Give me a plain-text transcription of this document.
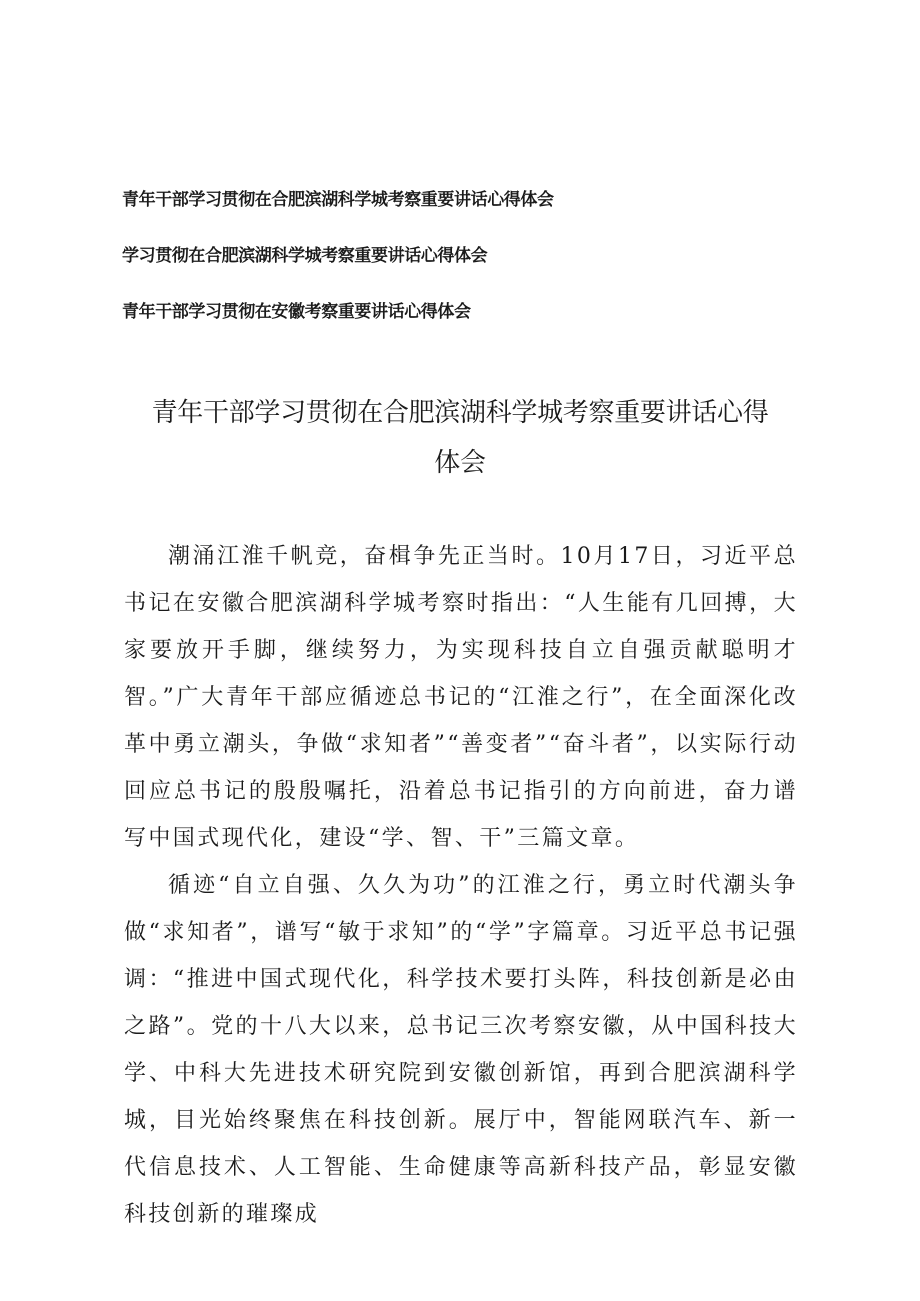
青年干部学习贯彻在合肥滨湖科学城考察重要讲话心得体会
学习贯彻在合肥滨湖科学城考察重要讲话心得体会
青年干部学习贯彻在安徽考察重要讲话心得体会
青年干部学习贯彻在合肥滨湖科学城考察重要讲话心得
体会

潮涌江淮千帆竞，奋楫争先正当时。10月17日，习近平总书记在安徽合肥滨湖科学城考察时指出：“人生能有几回搏，大家要放开手脚，继续努力，为实现科技自立自强贡献聪明才智。”广大青年干部应循迹总书记的“江淮之行”，在全面深化改革中勇立潮头，争做“求知者”“善变者”“奋斗者”，以实际行动回应总书记的殷殷嘱托，沿着总书记指引的方向前进，奋力谱写中国式现代化，建设“学、智、干”三篇文章。

循迹“自立自强、久久为功”的江淮之行，勇立时代潮头争做“求知者”，谱写“敏于求知”的“学”字篇章。习近平总书记强调：“推进中国式现代化，科学技术要打头阵，科技创新是必由之路”。党的十八大以来，总书记三次考察安徽，从中国科技大学、中科大先进技术研究院到安徽创新馆，再到合肥滨湖科学城，目光始终聚焦在科技创新。展厅中，智能网联汽车、新一代信息技术、人工智能、生命健康等高新科技产品，彰显安徽科技创新的璀璨成
